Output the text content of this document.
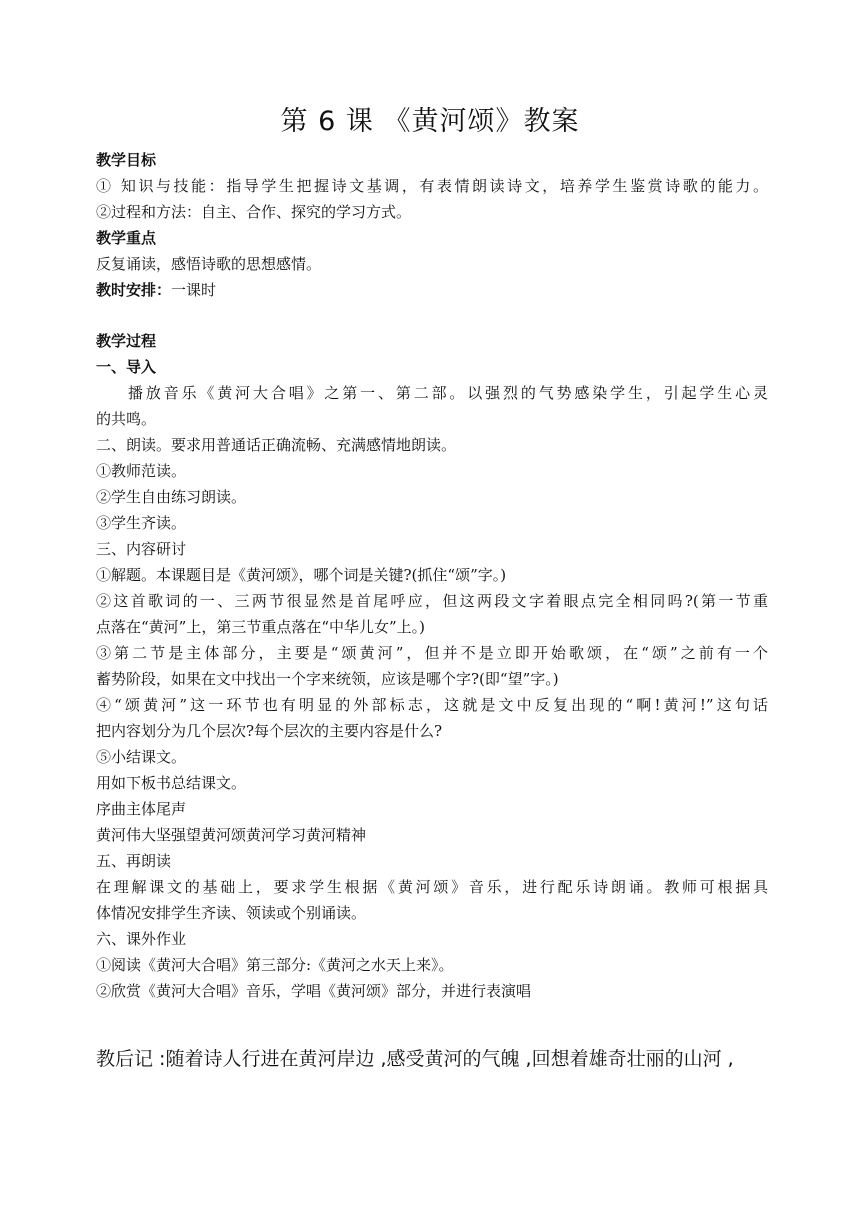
第 6 课 《黄河颂》教案
教学目标
① 知识与技能：指导学生把握诗文基调，有表情朗读诗文，培养学生鉴赏诗歌的能力。
②过程和方法：自主、合作、探究的学习方式。
教学重点
反复诵读，感悟诗歌的思想感情。
教时安排：一课时
教学过程
一、导入
播放音乐《黄河大合唱》之第一、第二部。以强烈的气势感染学生，引起学生心灵
的共鸣。
二、朗读。要求用普通话正确流畅、充满感情地朗读。
①教师范读。
②学生自由练习朗读。
③学生齐读。
三、内容研讨
①解题。本课题目是《黄河颂》，哪个词是关键?(抓住“颂”字。)
②这首歌词的一、三两节很显然是首尾呼应，但这两段文字着眼点完全相同吗?(第一节重
点落在“黄河”上，第三节重点落在“中华儿女”上。)
③第二节是主体部分，主要是“颂黄河”，但并不是立即开始歌颂，在“颂”之前有一个
蓄势阶段，如果在文中找出一个字来统领，应该是哪个字?(即“望”字。)
④“颂黄河”这一环节也有明显的外部标志，这就是文中反复出现的“啊!黄河!”这句话
把内容划分为几个层次?每个层次的主要内容是什么?
⑤小结课文。
用如下板书总结课文。
序曲主体尾声
黄河伟大坚强望黄河颂黄河学习黄河精神
五、再朗读
在理解课文的基础上，要求学生根据《黄河颂》音乐，进行配乐诗朗诵。教师可根据具
体情况安排学生齐读、领读或个别诵读。
六、课外作业
①阅读《黄河大合唱》第三部分:《黄河之水天上来》。
②欣赏《黄河大合唱》音乐，学唱《黄河颂》部分，并进行表演唱
教后记 :随着诗人行进在黄河岸边 ,感受黄河的气魄 ,回想着雄奇壮丽的山河 ,
